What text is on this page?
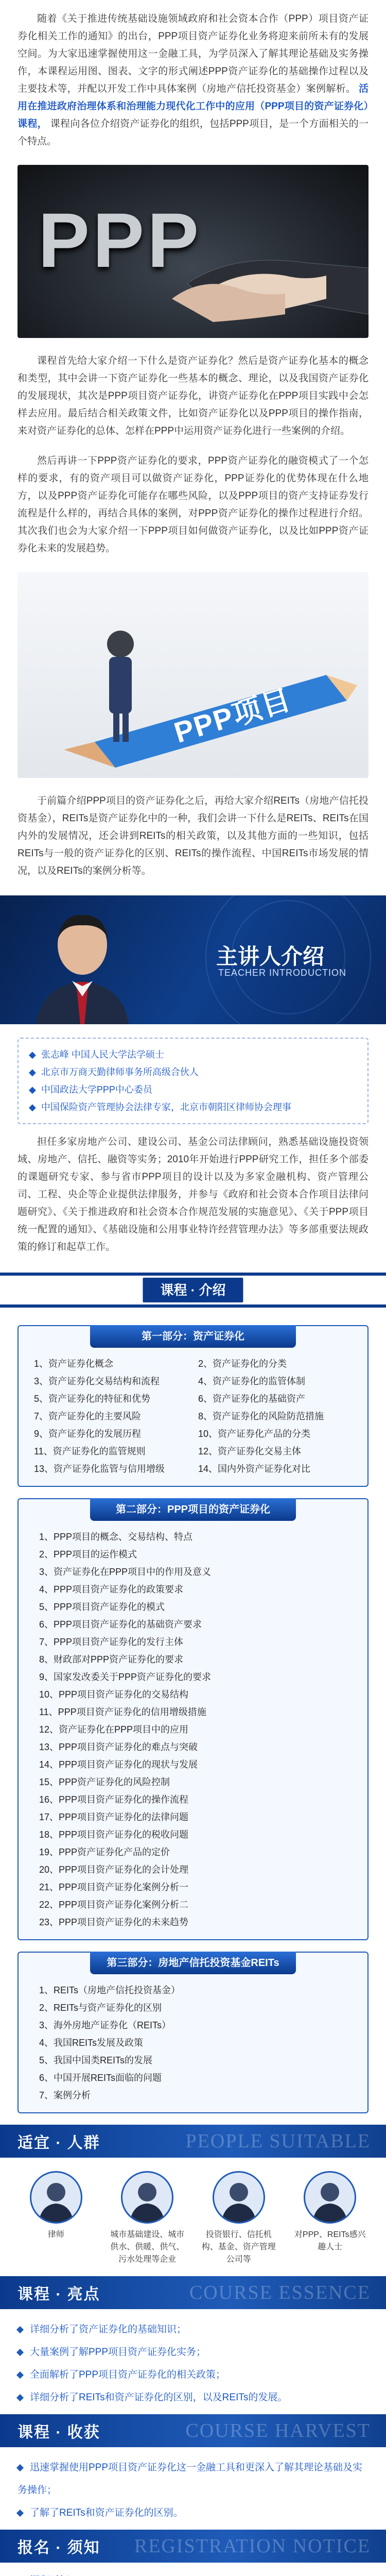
随着《关于推进传统基础设施领域政府和社会资本合作（PPP）项目资产证券化相关工作的通知》的出台，PPP项目资产证券化业务将迎来前所未有的发展空间。为大家迅速掌握使用这一金融工具，为学员深入了解其理论基础及实务操作，本课程运用图、图表、文字的形式阐述PPP资产证券化的基础操作过程以及主要技术等，并配以开发工作中具体案例（房地产信托投资基金）案例解析。 活用在推进政府治理体系和治理能力现代化工作中的应用（PPP项目的资产证券化）课程， 课程向各位介绍资产证券化的组织，包括PPP项目，是一个方面相关的一个特点。

PPP

课程首先给大家介绍一下什么是资产证券化？然后是资产证券化基本的概念和类型，其中会讲一下资产证券化一些基本的概念、理论，以及我国资产证券化的发展现状，其次是PPP项目资产证券化，讲资产证券化在PPP项目实践中会怎样去应用。最后结合相关政策文件，比如资产证券化以及PPP项目的操作指南，来对资产证券化的总体、怎样在PPP中运用资产证券化进行一些案例的介绍。

然后再讲一下PPP资产证券化的要求，PPP资产证券化的融资模式了一个怎样的要求，有的资产项目可以做资产证券化，PPP证券化的优势体现在什么地方，以及PPP资产证券化可能存在哪些风险，以及PPP项目的资产支持证券发行流程是什么样的，再结合具体的案例，对PPP资产证券化的操作过程进行介绍。其次我们也会为大家介绍一下PPP项目如何做资产证券化，以及比如PPP资产证券化未来的发展趋势。

PPP项目

于前篇介绍PPP项目的资产证券化之后，再给大家介绍REITs（房地产信托投资基金），REITs是资产证券化中的一种，我们会讲一下什么是REITs、REITs在国内外的发展情况，还会讲到REITs的相关政策，以及其他方面的一些知识，包括REITs与一般的资产证券化的区别、REITs的操作流程、中国REITs市场发展的情况，以及REITs的案例分析等。

主讲人介绍
TEACHER INTRODUCTION
◆ 张志峰 中国人民大学法学硕士
◆ 北京市万商天勤律师事务所高级合伙人
◆ 中国政法大学PPP中心委员
◆ 中国保险资产管理协会法律专家，北京市朝阳区律师协会理事

担任多家房地产公司、建设公司、基金公司法律顾问，熟悉基础设施投资领域、房地产、信托、融资等实务；2010年开始进行PPP研究工作，担任多个部委的课题研究专家、参与省市PPP项目的设计以及为多家金融机构、资产管理公司、工程、央企等企业提供法律服务，并参与《政府和社会资本合作项目法律问题研究》、《关于推进政府和社会资本合作规范发展的实施意见》、《关于PPP项目统一配置的通知》、《基础设施和公用事业特许经营管理办法》等多部重要法规政策的修订和起草工作。

课程 · 介绍
第一部分：资产证券化
1、资产证券化概念	2、资产证券化的分类
3、资产证券化交易结构和流程	4、资产证券化的监管体制
5、资产证券化的特征和优势	6、资产证券化的基础资产
7、资产证券化的主要风险	8、资产证券化的风险防范措施
9、资产证券化的发展历程	10、资产证券化产品的分类
11、资产证券化的监管规则	12、资产证券化交易主体
13、资产证券化监管与信用增级	14、国内外资产证券化对比
第二部分：PPP项目的资产证券化
1、PPP项目的概念、交易结构、特点
2、PPP项目的运作模式
3、资产证券化在PPP项目中的作用及意义
4、PPP项目资产证券化的政策要求
5、PPP项目资产证券化的模式
6、PPP项目资产证券化的基础资产要求
7、PPP项目资产证券化的发行主体
8、财政部对PPP资产证券化的要求
9、国家发改委关于PPP资产证券化的要求
10、PPP项目资产证券化的交易结构
11、PPP项目资产证券化的信用增级措施
12、资产证券化在PPP项目中的应用
13、PPP项目资产证券化的难点与突破
14、PPP项目资产证券化的现状与发展
15、PPP资产证券化的风险控制
16、PPP项目资产证券化的操作流程
17、PPP项目资产证券化的法律问题
18、PPP项目资产证券化的税收问题
19、PPP资产证券化产品的定价
20、PPP项目资产证券化的会计处理
21、PPP项目资产证券化案例分析一
22、PPP项目资产证券化案例分析二
23、PPP项目资产证券化的未来趋势
第三部分：房地产信托投资基金REITs
1、REITs（房地产信托投资基金）
2、REITs与资产证券化的区别
3、海外房地产证券化（REITs）
4、我国REITs发展及政策
5、我国中国类REITs的发展
6、中国开展REITs面临的问题
7、案例分析
适宜 · 人群	PEOPLE SUITABLE
律师	城市基础建设、城市供水、供暖、供气、污水处理等企业
投资银行、信托机构、基金、资产管理公司等
对PPP、REITs感兴趣人士
课程 · 亮点	COURSE ESSENCE
详细分析了资产证券化的基础知识；
大量案例了解PPP项目资产证券化实务；
全面解析了PPP项目资产证券化的相关政策；
详细分析了REITs和资产证券化的区别，以及REITs的发展。
课程 · 收获	COURSE HARVEST
迅速掌握使用PPP项目资产证券化这一金融工具和更深入了解其理论基础及实务操作；
了解了REITs和资产证券化的区别。
报名 · 须知 REGISTRATION NOTICE
